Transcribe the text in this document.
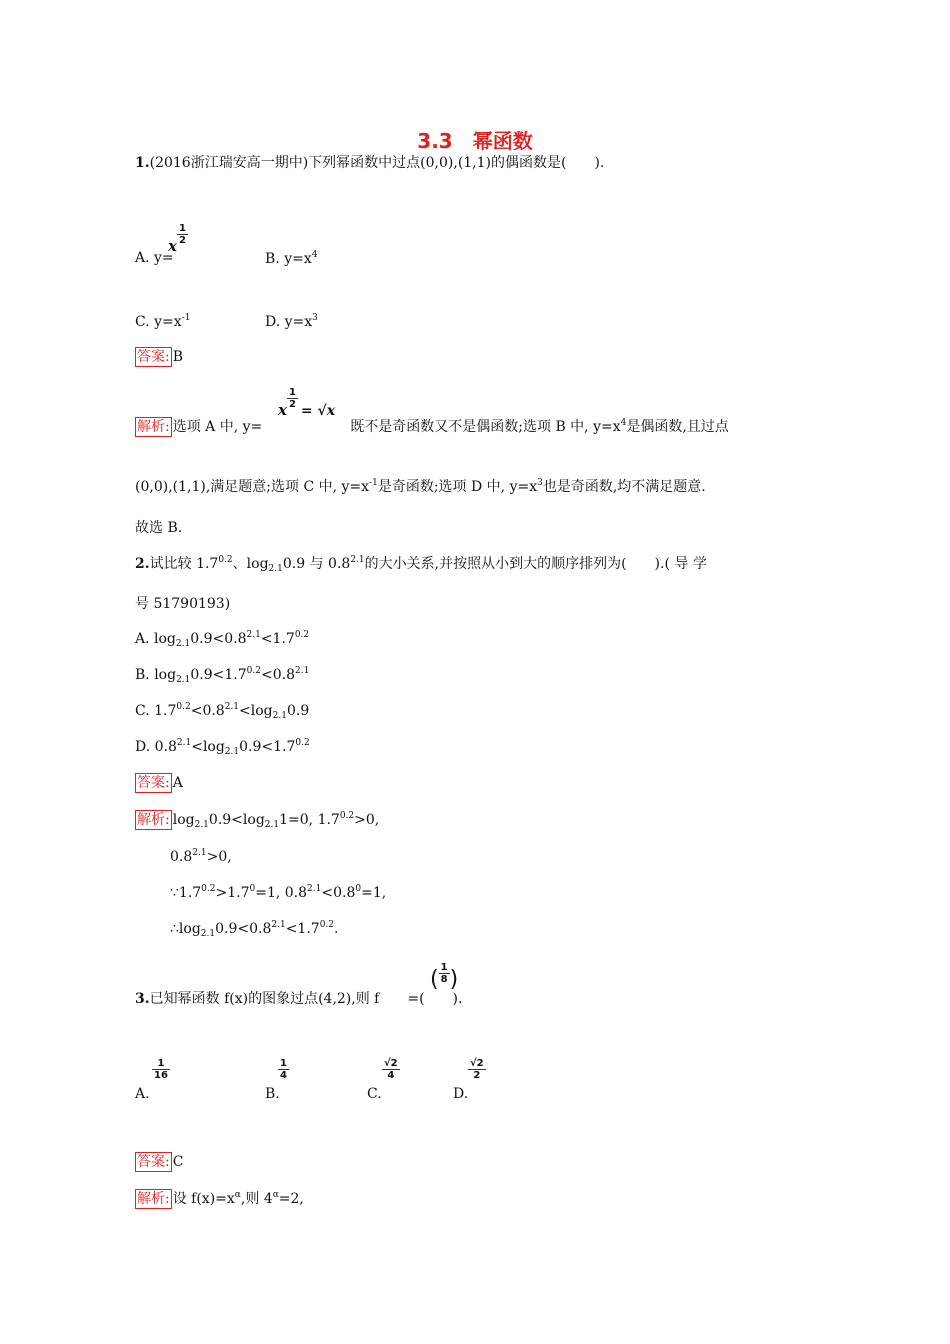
3.3　幂函数
1.(2016浙江瑞安高一期中)下列幂函数中过点(0,0),(1,1)的偶函数是(　　).
x $\frac{1}{2}$
A. y=	B. $y=x^4$
C. $y=x^{-1}$	D. $y=x^3$
答案: B
x $\frac{1}{2}$
= √x
解析: 选项 A 中, y=	既不是奇函数又不是偶函数;选项 B 中, $y=x^4$是偶函数,且过点
(0,0),(1,1),满足题意;选项 C 中, $y=x^{-1}$是奇函数;选项 D 中, $y=x^3$也是奇函数,均不满足题意.
故选 B.
2.试比较 $1.7^{0.2}$、$\log_{2.1}0.9$ 与 $0.8^{2.1}$的大小关系,并按照从小到大的顺序排列为(　　).( 导 学
号 51790193)
A. $\log_{2.1}0.9<0.8^{2.1}<1.7^{0.2}$
B. $\log_{2.1}0.9<1.7^{0.2}<0.8^{2.1}$
C. $1.7^{0.2}<0.8^{2.1}<\log_{2.1}0.9$
D. $0.8^{2.1}<\log_{2.1}0.9<1.7^{0.2}$
答案: A
解析: $\log_{2.1}0.9<\log_{2.1}1=0$, $1.7^{0.2}>0$,
$0.8^{2.1}>0$,
$\because 1.7^{0.2}>1.7^0=1$, $0.8^{2.1}<0.8^0=1$,
$\therefore\log_{2.1}0.9<0.8^{2.1}<1.7^{0.2}$.
( $\frac{1}{8}$ )
3.已知幂函数 f(x)的图象过点(4,2),则 f =(　　).
$\frac{1}{16}$
A.
$\frac{1}{4}$
B.
$\frac{√2}{4}$
C.
$\frac{√2}{2}$
D.
答案: C
解析: 设 $f(x)=x^\alpha$,则 $4^\alpha=2$,
